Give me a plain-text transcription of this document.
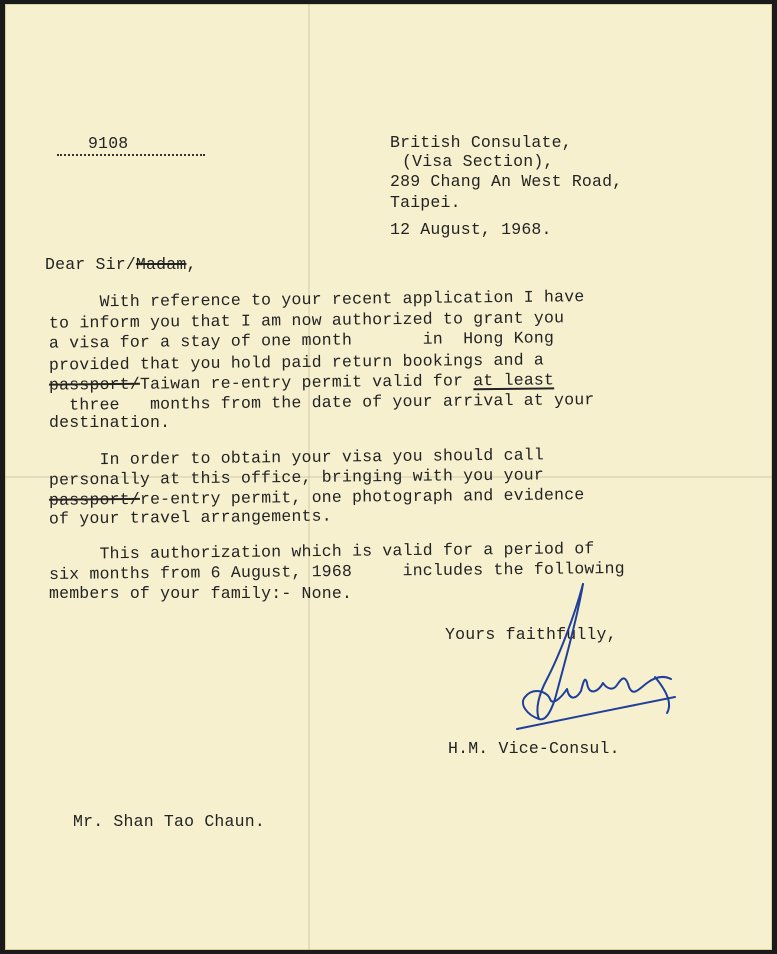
9108	British Consulate,
(Visa Section),
289 Chang An West Road,
Taipei.
12 August, 1968.
Dear Sir/Madam,
With reference to your recent application I have
to inform you that I am now authorized to grant you
a visa for a stay of one month       in  Hong Kong
provided that you hold paid return bookings and a
passport/Taiwan re-entry permit valid for at least
three   months from the date of your arrival at your
destination.
In order to obtain your visa you should call
personally at this office, bringing with you your
passport/re-entry permit, one photograph and evidence
of your travel arrangements.
This authorization which is valid for a period of
six months from 6 August, 1968     includes the following
members of your family:- None.
Yours faithfully,
H.M. Vice-Consul.
Mr. Shan Tao Chaun.
